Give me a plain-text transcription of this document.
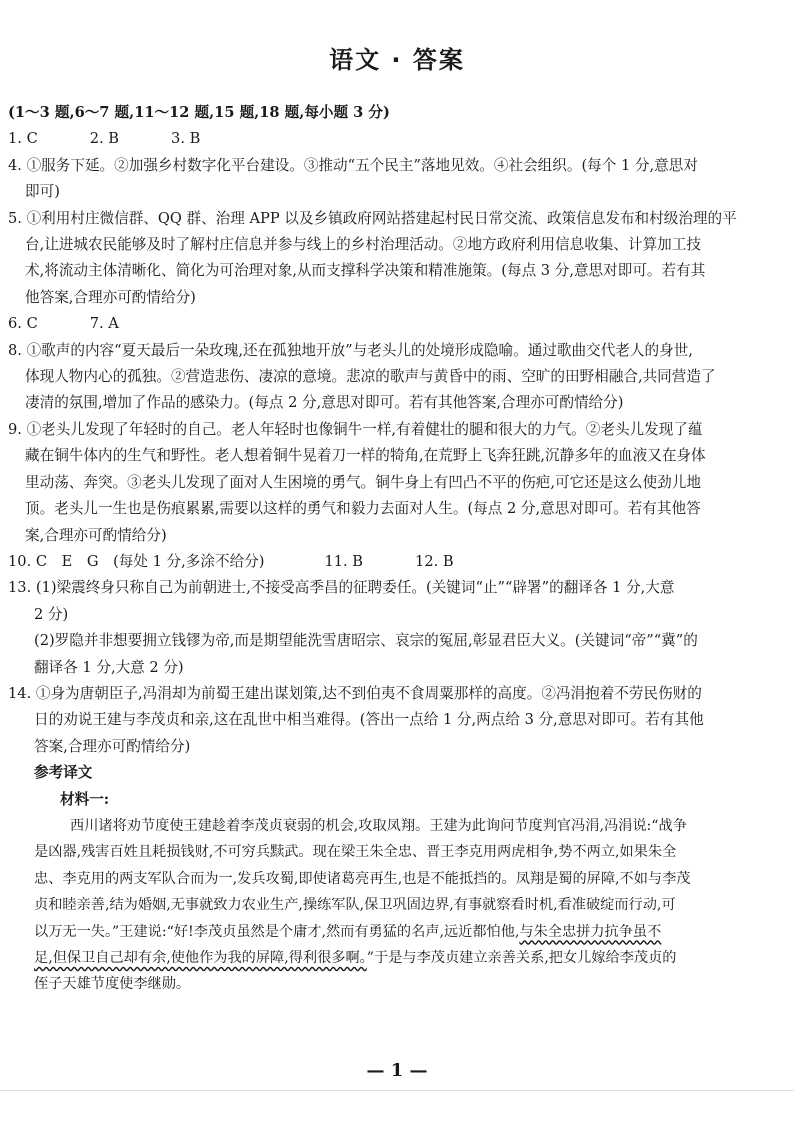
语文 · 答案
(1～3 题,6～7 题,11～12 题,15 题,18 题,每小题 3 分)
1. C	2. B	3. B
4. ①服务下延。②加强乡村数字化平台建设。③推动“五个民主”落地见效。④社会组织。(每个 1 分,意思对
即可)
5. ①利用村庄微信群、QQ 群、治理 APP 以及乡镇政府网站搭建起村民日常交流、政策信息发布和村级治理的平
台,让进城农民能够及时了解村庄信息并参与线上的乡村治理活动。②地方政府利用信息收集、计算加工技
术,将流动主体清晰化、简化为可治理对象,从而支撑科学决策和精准施策。(每点 3 分,意思对即可。若有其
他答案,合理亦可酌情给分)
6. C	7. A
8. ①歌声的内容“夏天最后一朵玫瑰,还在孤独地开放”与老头儿的处境形成隐喻。通过歌曲交代老人的身世,
体现人物内心的孤独。②营造悲伤、凄凉的意境。悲凉的歌声与黄昏中的雨、空旷的田野相融合,共同营造了
凄清的氛围,增加了作品的感染力。(每点 2 分,意思对即可。若有其他答案,合理亦可酌情给分)
9. ①老头儿发现了年轻时的自己。老人年轻时也像铜牛一样,有着健壮的腿和很大的力气。②老头儿发现了蕴
藏在铜牛体内的生气和野性。老人想着铜牛晃着刀一样的犄角,在荒野上飞奔狂跳,沉静多年的血液又在身体
里动荡、奔突。③老头儿发现了面对人生困境的勇气。铜牛身上有凹凸不平的伤疤,可它还是这么使劲儿地
顶。老头儿一生也是伤痕累累,需要以这样的勇气和毅力去面对人生。(每点 2 分,意思对即可。若有其他答
案,合理亦可酌情给分)
10. C　E　G　(每处 1 分,多涂不给分)	11. B	12. B
13. (1)梁震终身只称自己为前朝进士,不接受高季昌的征聘委任。(关键词“止”“辟署”的翻译各 1 分,大意
2 分)
(2)罗隐并非想要拥立钱镠为帝,而是期望能洗雪唐昭宗、哀宗的冤屈,彰显君臣大义。(关键词“帝”“冀”的
翻译各 1 分,大意 2 分)
14. ①身为唐朝臣子,冯涓却为前蜀王建出谋划策,达不到伯夷不食周粟那样的高度。②冯涓抱着不劳民伤财的
日的劝说王建与李茂贞和亲,这在乱世中相当难得。(答出一点给 1 分,两点给 3 分,意思对即可。若有其他
答案,合理亦可酌情给分)
参考译文
材料一:
西川诸将劝节度使王建趁着李茂贞衰弱的机会,攻取凤翔。王建为此询问节度判官冯涓,冯涓说:“战争
是凶器,残害百姓且耗损钱财,不可穷兵黩武。现在梁王朱全忠、晋王李克用两虎相争,势不两立,如果朱全
忠、李克用的两支军队合而为一,发兵攻蜀,即使诸葛亮再生,也是不能抵挡的。凤翔是蜀的屏障,不如与李茂
贞和睦亲善,结为婚姻,无事就致力农业生产,操练军队,保卫巩固边界,有事就察看时机,看准破绽而行动,可
以万无一失。”王建说:“好!李茂贞虽然是个庸才,然而有勇猛的名声,远近都怕他,与朱全忠拼力抗争虽不
足,但保卫自己却有余,使他作为我的屏障,得利很多啊。”于是与李茂贞建立亲善关系,把女儿嫁给李茂贞的
侄子天雄节度使李继勋。
— 1 —
